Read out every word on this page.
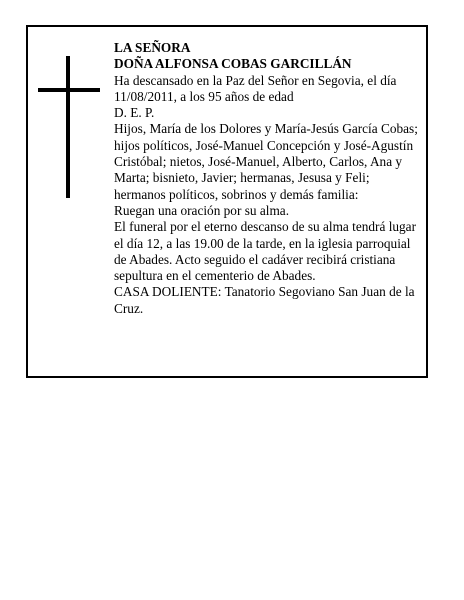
LA SEÑORA

DOÑA ALFONSA COBAS GARCILLÁN

Ha descansado en la Paz del Señor en Segovia, el día 11/08/2011, a los 95 años de edad

D. E. P.

Hijos, María de los Dolores y María-Jesús García Cobas; hijos políticos, José-Manuel Concepción y José-Agustín Cristóbal; nietos, José-Manuel, Alberto, Carlos, Ana y Marta; bisnieto, Javier; hermanas, Jesusa y Feli; hermanos políticos, sobrinos y demás familia:

Ruegan una oración por su alma.

El funeral por el eterno descanso de su alma tendrá lugar el día 12, a las 19.00 de la tarde, en la iglesia parroquial de Abades. Acto seguido el cadáver recibirá cristiana sepultura en el cementerio de Abades.

CASA DOLIENTE: Tanatorio Segoviano San Juan de la Cruz.
